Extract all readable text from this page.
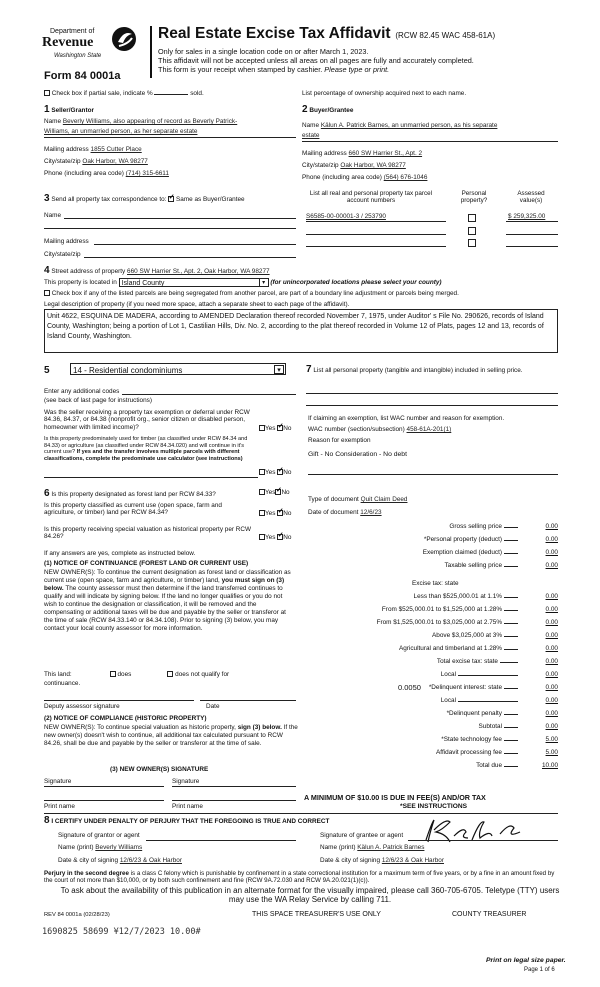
Department of
Revenue
Washington State
Form 84 0001a
Real Estate Excise Tax Affidavit (RCW 82.45 WAC 458-61A)
Only for sales in a single location code on or after March 1, 2023.
This affidavit will not be accepted unless all areas on all pages are fully and accurately completed.
This form is your receipt when stamped by cashier. Please type or print.
Check box if partial sale, indicate %	sold.	List percentage of ownership acquired next to each name.
1 Seller/Grantor
Name Beverly Williams, also appearing of record as Beverly Patrick-
Williams, an unmarried person, as her separate estate
Mailing address 1855 Cutter Place
City/state/zip Oak Harbor, WA 98277
Phone (including area code) (714) 315-6611
2 Buyer/Grantee
Name Kälun A. Patrick Barnes, an unmarried person, as his separate
estate
Mailing address 660 SW Harrier St., Apt. 2
City/state/zip Oak Harbor, WA 98277
Phone (including area code) (564) 676-1046
3 Send all property tax correspondence to: ✓ Same as Buyer/Grantee
Name
Mailing address
City/state/zip
List all real and personal property tax parcel account numbers
Personal property?
Assessed value(s)
S6585-00-00001-3 / 253790	$ 259,325.00
4 Street address of property 660 SW Harrier St., Apt. 2, Oak Harbor, WA 98277
This property is located in Island County	▾ (for unincorporated locations please select your county)
Check box if any of the listed parcels are being segregated from another parcel, are part of a boundary line adjustment or parcels being merged.
Legal description of property (if you need more space, attach a separate sheet to each page of the affidavit).
Unit 4622, ESQUINA DE MADERA, according to AMENDED Declaration thereof recorded November 7, 1975, under Auditor' s File No. 290626, records of Island County, Washington; being a portion of Lot 1, Castilian Hills, Div. No. 2, according to the plat thereof recorded in Volume 12 of Plats, pages 12 and 13, records of Island County, Washington.
5	14 - Residential condominiums	▾
Enter any additional codes
(see back of last page for instructions)
Was the seller receiving a property tax exemption or deferral under RCW 84.36, 84.37, or 84.38 (nonprofit org., senior citizen or disabled person, homeowner with limited income)?	Yes ✓ No
Is this property predominately used for timber (as classified under RCW 84.34 and 84.33) or agriculture (as classified under RCW 84.34.020) and will continue in it's current use? If yes and the transfer involves multiple parcels with different classifications, complete the predominate use calculator (see instructions)
Yes ✓ No
6 Is this property designated as forest land per RCW 84.33?	Yes ✓ No
Is this property classified as current use (open space, farm and agriculture, or timber) land per RCW 84.34?	Yes ✓ No
Is this property receiving special valuation as historical property per RCW 84.26?	Yes ✓ No
If any answers are yes, complete as instructed below.
(1) NOTICE OF CONTINUANCE (FOREST LAND OR CURRENT USE)
NEW OWNER(S): To continue the current designation as forest land or classification as current use (open space, farm and agriculture, or timber) land, you must sign on (3) below. The county assessor must then determine if the land transferred continues to qualify and will indicate by signing below. If the land no longer qualifies or you do not wish to continue the designation or classification, it will be removed and the compensating or additional taxes will be due and payable by the seller or transferor at the time of sale (RCW 84.33.140 or 84.34.108). Prior to signing (3) below, you may contact your local county assessor for more information.
This land:	does	does not qualify for
continuance.
Deputy assessor signature	Date
(2) NOTICE OF COMPLIANCE (HISTORIC PROPERTY)
NEW OWNER(S): To continue special valuation as historic property, sign (3) below. If the new owner(s) doesn't wish to continue, all additional tax calculated pursuant to RCW 84.26, shall be due and payable by the seller or transferor at the time of sale.
(3) NEW OWNER(S) SIGNATURE
Signature	Signature
Print name	Print name
7 List all personal property (tangible and intangible) included in selling price.
If claiming an exemption, list WAC number and reason for exemption.
WAC number (section/subsection) 458-61A-201(1)
Reason for exemption
Gift - No Consideration - No debt
Type of document Quit Claim Deed
Date of document 12/6/23
Gross selling price	0.00
*Personal property (deduct)	0.00
Exemption claimed (deduct)	0.00
Taxable selling price	0.00
Less than $525,000.01 at 1.1%	0.00
From $525,000.01 to $1,525,000 at 1.28%	0.00
From $1,525,000.01 to $3,025,000 at 2.75%	0.00
Above $3,025,000 at 3%	0.00
Agricultural and timberland at 1.28%	0.00
Total excise tax: state	0.00
Local	0.00
*Delinquent interest: state	0.00
Local	0.00
*Delinquent penalty	0.00
Subtotal	0.00
*State technology fee	5.00
Affidavit processing fee	5.00
Total due	10.00
Excise tax: state
0.0050
A MINIMUM OF $10.00 IS DUE IN FEE(S) AND/OR TAX
*SEE INSTRUCTIONS
8 I CERTIFY UNDER PENALTY OF PERJURY THAT THE FOREGOING IS TRUE AND CORRECT
Signature of grantor or agent
Name (print) Beverly Williams
Date & city of signing 12/6/23 & Oak Harbor
Signature of grantee or agent
Name (print) Kälun A. Patrick Barnes
Date & city of signing 12/6/23 & Oak Harbor
Perjury in the second degree is a class C felony which is punishable by confinement in a state correctional institution for a maximum term of five years, or by a fine in an amount fixed by the court of not more than $10,000, or by both such confinement and fine (RCW 9A.72.030 and RCW 9A.20.021(1)(c)).
To ask about the availability of this publication in an alternate format for the visually impaired, please call 360-705-6705. Teletype (TTY) users may use the WA Relay Service by calling 711.
REV 84 0001a (02/28/23)	THIS SPACE TREASURER'S USE ONLY	COUNTY TREASURER
1690825 58699 ¥12/7/2023 10.00#
Print on legal size paper.
Page 1 of 6
